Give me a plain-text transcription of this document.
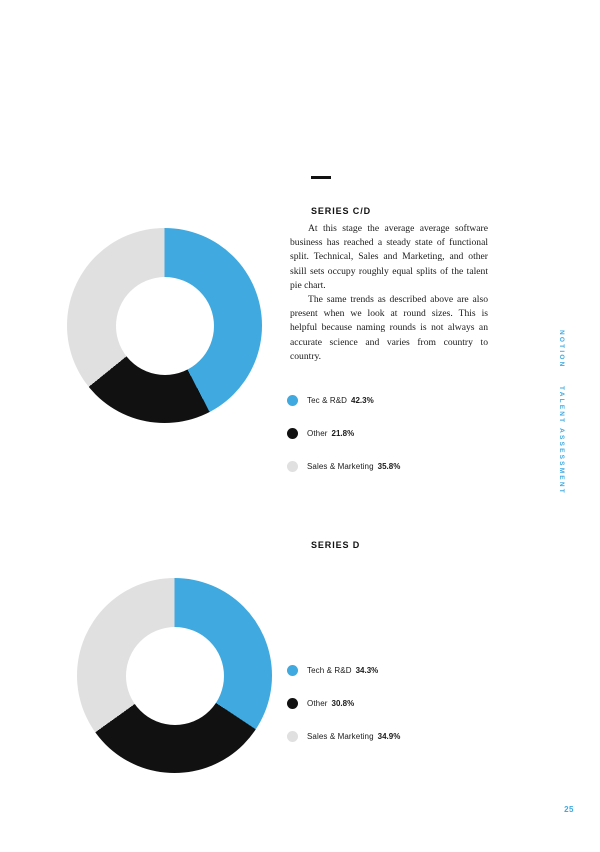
SERIES C/D

At this stage the average average software business has reached a steady state of functional split. Technical, Sales and Marketing, and other skill sets occupy roughly equal splits of the talent pie chart.

The same trends as described above are also present when we look at round sizes. This is helpful because naming rounds is not always an accurate science and varies from country to country.

Tec & R&D 42.3%
Other 21.8%
Sales & Marketing 35.8%
SERIES D
Tech & R&D 34.3%
Other 30.8%
Sales & Marketing 34.9%
NOTION
TALENT ASSESSMENT
25
